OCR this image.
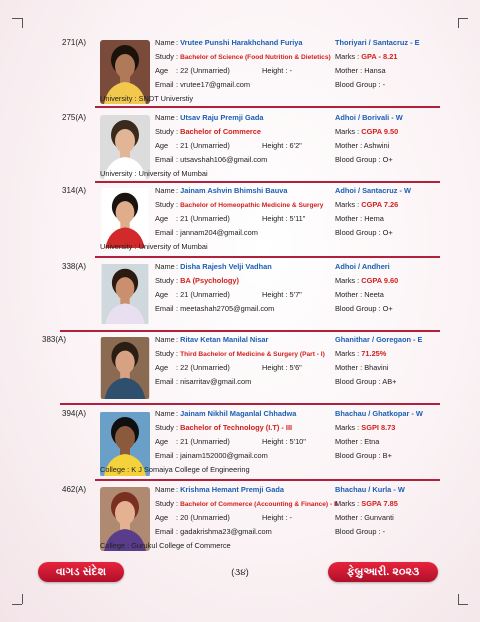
271(A)	Name : Vrutee Punshi Harakhchand Furiya	Thoriyari / Santacruz - E
Study : Bachelor of Science (Food Nutrition & Dietetics) Marks : GPA - 8.21
Age : 22 (Unmarried)	Height : -	Mother : Hansa
Email : vrutee17@gmail.com	Blood Group : -
University : SNDT Universtiy
275(A)	Name : Utsav Raju Premji Gada	Adhoi / Borivali - W
Study : Bachelor of Commerce	Marks : CGPA 9.50
Age : 21 (Unmarried)	Height : 6'2"	Mother : Ashwini
Email : utsavshah106@gmail.com	Blood Group : O+
University : University of Mumbai
314(A)	Name : Jainam Ashvin Bhimshi Bauva	Adhoi / Santacruz - W
Study : Bachelor of Homeopathic Medicine & Surgery Marks : CGPA 7.26
Age : 21 (Unmarried)	Height : 5'11"	Mother : Hema
Email : jannam204@gmail.com	Blood Group : O+
University : University of Mumbai
338(A)	Name : Disha Rajesh Velji Vadhan	Adhoi / Andheri
Study : BA (Psychology)	Marks : CGPA 9.60
Age : 21 (Unmarried)	Height : 5'7"	Mother : Neeta
Email : meetashah2705@gmail.com	Blood Group : O+
383(A)	Name : Ritav Ketan Manilal Nisar	Ghanithar / Goregaon - E
Study : Third Bachelor of Medicine & Surgery (Part - I) Marks : 71.25%
Age : 22 (Unmarried)	Height : 5'6"	Mother : Bhavini
Email : nisarritav@gmail.com	Blood Group : AB+
394(A)	Name : Jainam Nikhil Maganlal Chhadwa	Bhachau / Ghatkopar - W
Study : Bachelor of Technology (I.T) - III	Marks : SGPI 8.73
Age : 21 (Unmarried)	Height : 5'10"	Mother : Etna
Email : jainam152000@gmail.com	Blood Group : B+
College : K J Somaiya College of Engineering
462(A)	Name : Krishma Hemant Premji Gada	Bhachau / Kurla - W
Study : Bachelor of Commerce (Accounting & Finance) - II
Marks : SGPA 7.85
Age : 20 (Unmarried)	Height : -	Mother : Gunvanti
Email : gadakrishma23@gmail.com	Blood Group : -
College : Gurukul College of Commerce
વાગડ સંદેશ	(૩૪)	ફેબ્રુઆરી. ૨૦૨૩
